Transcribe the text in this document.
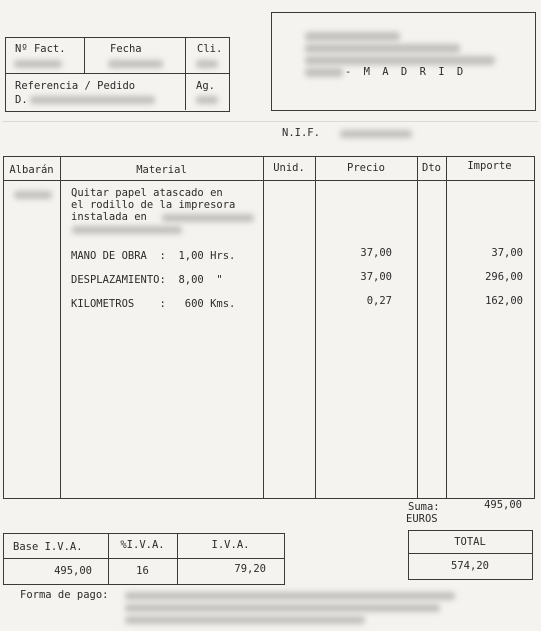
Nº Fact.	Fecha	Cli.
Referencia / Pedido
D.
Ag.
- M A D R I D
N.I.F.
Albarán	Material	Unid.	Precio	Dto	Importe
Quitar papel atascado en
el rodillo de la impresora
instalada en
MANO DE OBRA  :  1,00 Hrs.	37,00	37,00
DESPLAZAMIENTO:  8,00  "	37,00	296,00
KILOMETROS    :   600 Kms.	0,27	162,00
Suma:	495,00
EUROS
Base I.V.A.	%I.V.A.	I.V.A.
495,00	16	79,20
TOTAL
574,20
Forma de pago:
